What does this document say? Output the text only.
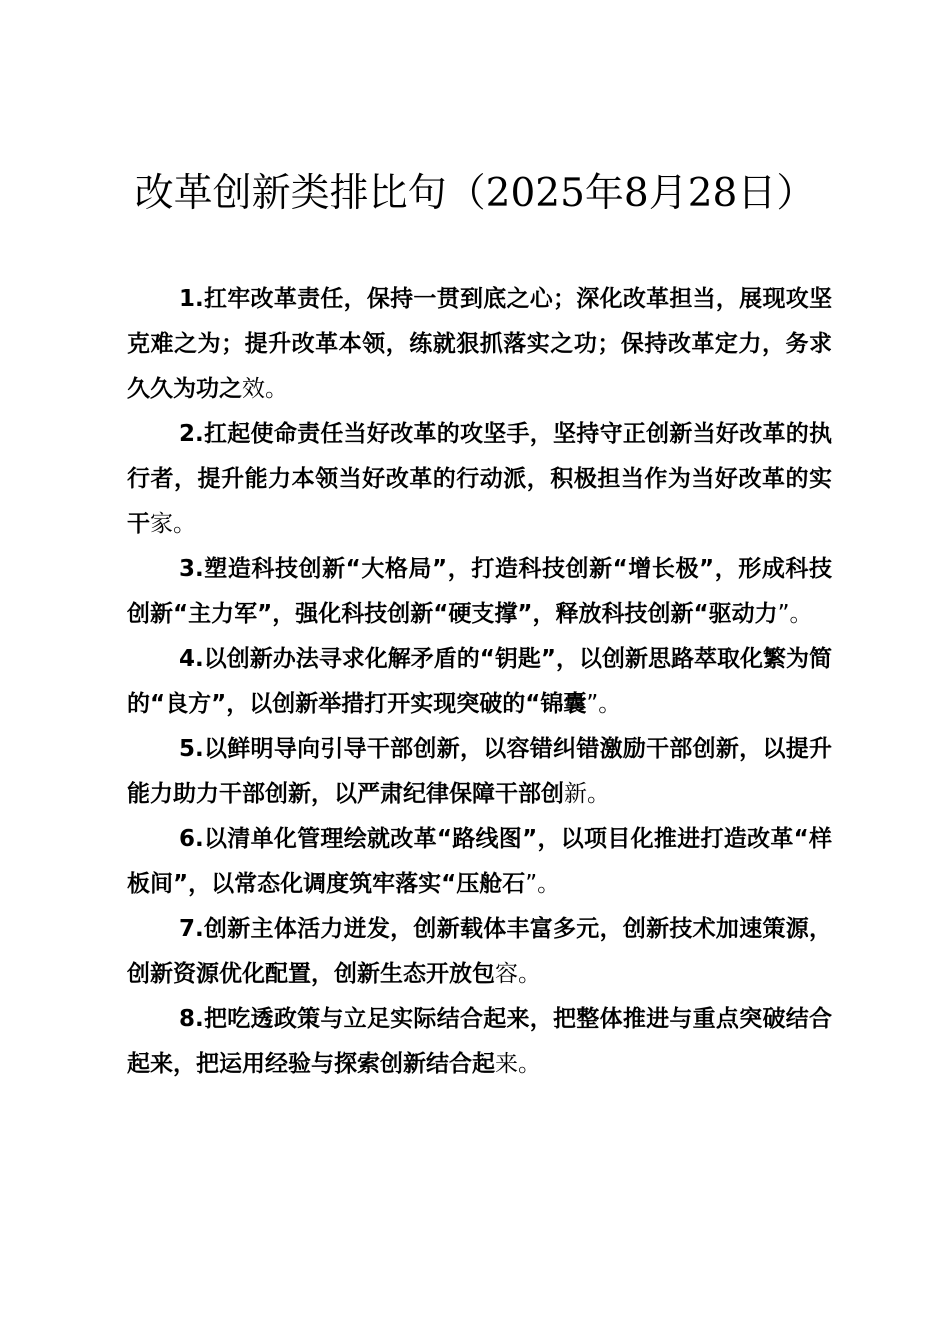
改革创新类排比句（2025年8月28日）

1.扛牢改革责任，保持一贯到底之心；深化改革担当，展现攻坚克难之为；提升改革本领，练就狠抓落实之功；保持改革定力，务求久久为功之效。

2.扛起使命责任当好改革的攻坚手，坚持守正创新当好改革的执行者，提升能力本领当好改革的行动派，积极担当作为当好改革的实干家。

3.塑造科技创新“大格局”，打造科技创新“增长极”，形成科技创新“主力军”，强化科技创新“硬支撑”，释放科技创新“驱动力”。

4.以创新办法寻求化解矛盾的“钥匙”，以创新思路萃取化繁为简的“良方”，以创新举措打开实现突破的“锦囊”。

5.以鲜明导向引导干部创新，以容错纠错激励干部创新，以提升能力助力干部创新，以严肃纪律保障干部创新。

6.以清单化管理绘就改革“路线图”，以项目化推进打造改革“样板间”，以常态化调度筑牢落实“压舱石”。

7.创新主体活力迸发，创新载体丰富多元，创新技术加速策源，创新资源优化配置，创新生态开放包容。

8.把吃透政策与立足实际结合起来，把整体推进与重点突破结合起来，把运用经验与探索创新结合起来。
